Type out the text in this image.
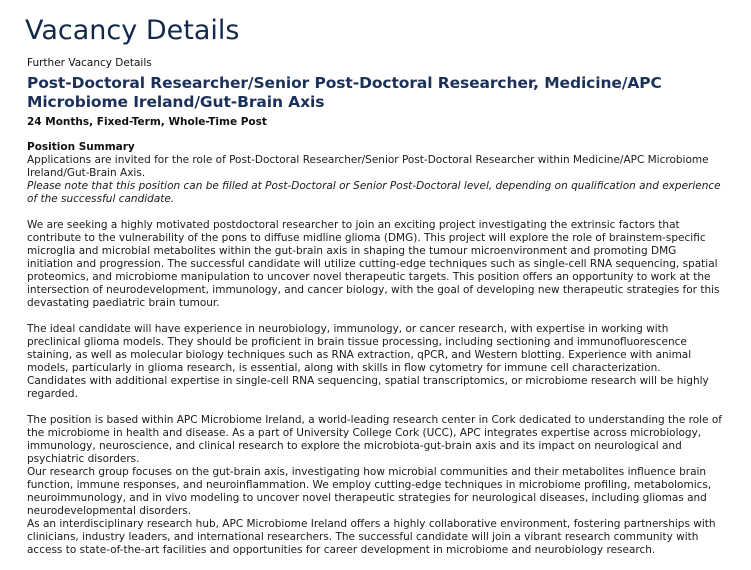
Vacancy Details
Further Vacancy Details
Post-Doctoral Researcher/Senior Post-Doctoral Researcher, Medicine/APC Microbiome Ireland/Gut-Brain Axis
24 Months, Fixed-Term, Whole-Time Post
Position Summary

Applications are invited for the role of Post-Doctoral Researcher/Senior Post-Doctoral Researcher within Medicine/APC Microbiome Ireland/Gut-Brain Axis.

Please note that this position can be filled at Post-Doctoral or Senior Post-Doctoral level, depending on qualification and experience of the successful candidate.

We are seeking a highly motivated postdoctoral researcher to join an exciting project investigating the extrinsic factors that contribute to the vulnerability of the pons to diffuse midline glioma (DMG). This project will explore the role of brainstem-specific microglia and microbial metabolites within the gut-brain axis in shaping the tumour microenvironment and promoting DMG initiation and progression. The successful candidate will utilize cutting-edge techniques such as single-cell RNA sequencing, spatial proteomics, and microbiome manipulation to uncover novel therapeutic targets. This position offers an opportunity to work at the intersection of neurodevelopment, immunology, and cancer biology, with the goal of developing new therapeutic strategies for this devastating paediatric brain tumour.

The ideal candidate will have experience in neurobiology, immunology, or cancer research, with expertise in working with preclinical glioma models. They should be proficient in brain tissue processing, including sectioning and immunofluorescence staining, as well as molecular biology techniques such as RNA extraction, qPCR, and Western blotting. Experience with animal models, particularly in glioma research, is essential, along with skills in flow cytometry for immune cell characterization. Candidates with additional expertise in single-cell RNA sequencing, spatial transcriptomics, or microbiome research will be highly regarded.

The position is based within APC Microbiome Ireland, a world-leading research center in Cork dedicated to understanding the role of the microbiome in health and disease. As a part of University College Cork (UCC), APC integrates expertise across microbiology, immunology, neuroscience, and clinical research to explore the microbiota-gut-brain axis and its impact on neurological and psychiatric disorders.

Our research group focuses on the gut-brain axis, investigating how microbial communities and their metabolites influence brain function, immune responses, and neuroinflammation. We employ cutting-edge techniques in microbiome profiling, metabolomics, neuroimmunology, and in vivo modeling to uncover novel therapeutic strategies for neurological diseases, including gliomas and neurodevelopmental disorders.

As an interdisciplinary research hub, APC Microbiome Ireland offers a highly collaborative environment, fostering partnerships with clinicians, industry leaders, and international researchers. The successful candidate will join a vibrant research community with access to state-of-the-art facilities and opportunities for career development in microbiome and neurobiology research.
